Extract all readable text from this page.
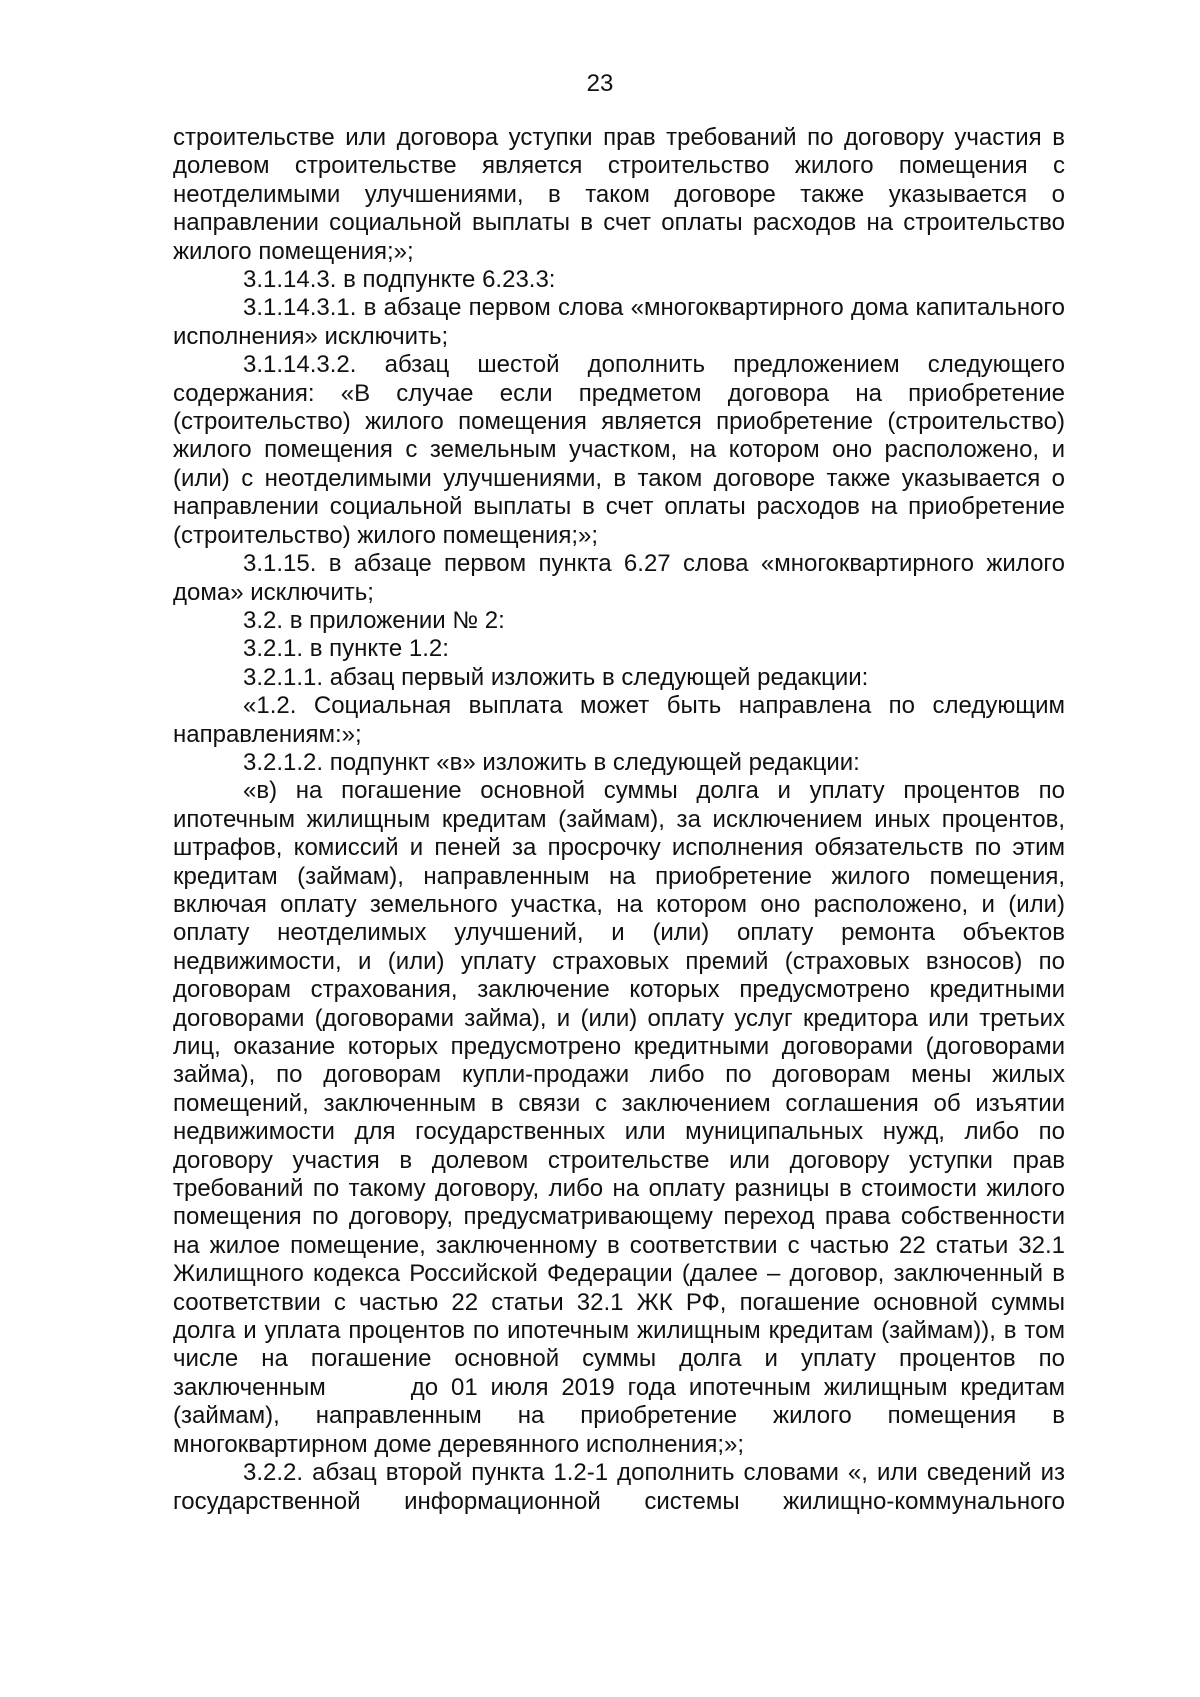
23

строительстве или договора уступки прав требований по договору участия в долевом строительстве является строительство жилого помещения с неотделимыми улучшениями, в таком договоре также указывается о направлении социальной выплаты в счет оплаты расходов на строительство жилого помещения;»;

3.1.14.3. в подпункте 6.23.3:

3.1.14.3.1. в абзаце первом слова «многоквартирного дома капитального исполнения» исключить;

3.1.14.3.2. абзац шестой дополнить предложением следующего содержания: «В случае если предметом договора на приобретение (строительство) жилого помещения является приобретение (строительство) жилого помещения с земельным участком, на котором оно расположено, и (или) с неотделимыми улучшениями, в таком договоре также указывается о направлении социальной выплаты в счет оплаты расходов на приобретение (строительство) жилого помещения;»;

3.1.15. в абзаце первом пункта 6.27 слова «многоквартирного жилого дома» исключить;

3.2. в приложении № 2:

3.2.1. в пункте 1.2:

3.2.1.1. абзац первый изложить в следующей редакции:

«1.2. Социальная выплата может быть направлена по следующим направлениям:»;

3.2.1.2. подпункт «в» изложить в следующей редакции:

«в) на погашение основной суммы долга и уплату процентов по ипотечным жилищным кредитам (займам), за исключением иных процентов, штрафов, комиссий и пеней за просрочку исполнения обязательств по этим кредитам (займам), направленным на приобретение жилого помещения, включая оплату земельного участка, на котором оно расположено, и (или) оплату неотделимых улучшений, и (или) оплату ремонта объектов недвижимости, и (или) уплату страховых премий (страховых взносов) по договорам страхования, заключение которых предусмотрено кредитными договорами (договорами займа), и (или) оплату услуг кредитора или третьих лиц, оказание которых предусмотрено кредитными договорами (договорами займа), по договорам купли-продажи либо по договорам мены жилых помещений, заключенным в связи с заключением соглашения об изъятии недвижимости для государственных или муниципальных нужд, либо по договору участия в долевом строительстве или договору уступки прав требований по такому договору, либо на оплату разницы в стоимости жилого помещения по договору, предусматривающему переход права собственности на жилое помещение, заключенному в соответствии с частью 22 статьи 32.1 Жилищного кодекса Российской Федерации (далее – договор, заключенный в соответствии с частью 22 статьи 32.1 ЖК РФ, погашение основной суммы долга и уплата процентов по ипотечным жилищным кредитам (займам)), в том числе на погашение основной суммы долга и уплату процентов по заключенным	до 01 июля 2019 года ипотечным жилищным кредитам (займам), направленным на приобретение жилого помещения в многоквартирном доме деревянного исполнения;»;

3.2.2. абзац второй пункта 1.2-1 дополнить словами «, или сведений из государственной информационной системы жилищно-коммунального
